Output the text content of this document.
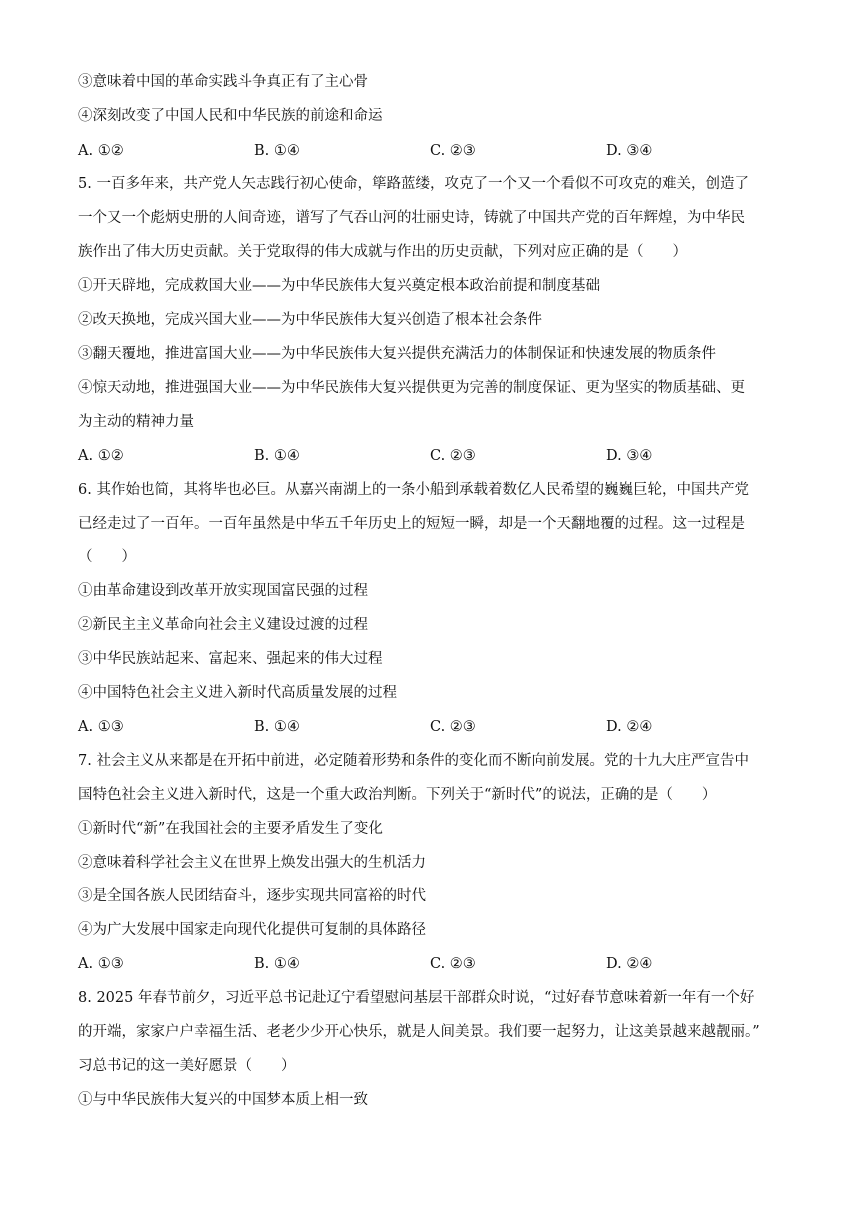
③意味着中国的革命实践斗争真正有了主心骨
④深刻改变了中国人民和中华民族的前途和命运
A. ①②	B. ①④	C. ②③	D. ③④
5. 一百多年来，共产党人矢志践行初心使命，筚路蓝缕，攻克了一个又一个看似不可攻克的难关，创造了
一个又一个彪炳史册的人间奇迹，谱写了气吞山河的壮丽史诗，铸就了中国共产党的百年辉煌，为中华民
族作出了伟大历史贡献。关于党取得的伟大成就与作出的历史贡献，下列对应正确的是（　　）
①开天辟地，完成救国大业——为中华民族伟大复兴奠定根本政治前提和制度基础
②改天换地，完成兴国大业——为中华民族伟大复兴创造了根本社会条件
③翻天覆地，推进富国大业——为中华民族伟大复兴提供充满活力的体制保证和快速发展的物质条件
④惊天动地，推进强国大业——为中华民族伟大复兴提供更为完善的制度保证、更为坚实的物质基础、更
为主动的精神力量
A. ①②	B. ①④	C. ②③	D. ③④
6. 其作始也简，其将毕也必巨。从嘉兴南湖上的一条小船到承载着数亿人民希望的巍巍巨轮，中国共产党
已经走过了一百年。一百年虽然是中华五千年历史上的短短一瞬，却是一个天翻地覆的过程。这一过程是
（　　）
①由革命建设到改革开放实现国富民强的过程
②新民主主义革命向社会主义建设过渡的过程
③中华民族站起来、富起来、强起来的伟大过程
④中国特色社会主义进入新时代高质量发展的过程
A. ①③	B. ①④	C. ②③	D. ②④
7. 社会主义从来都是在开拓中前进，必定随着形势和条件的变化而不断向前发展。党的十九大庄严宣告中
国特色社会主义进入新时代，这是一个重大政治判断。下列关于“新时代”的说法，正确的是（　　）
①新时代“新”在我国社会的主要矛盾发生了变化
②意味着科学社会主义在世界上焕发出强大的生机活力
③是全国各族人民团结奋斗，逐步实现共同富裕的时代
④为广大发展中国家走向现代化提供可复制的具体路径
A. ①③	B. ①④	C. ②③	D. ②④
8. 2025 年春节前夕，习近平总书记赴辽宁看望慰问基层干部群众时说，“过好春节意味着新一年有一个好
的开端，家家户户幸福生活、老老少少开心快乐，就是人间美景。我们要一起努力，让这美景越来越靓丽。”
习总书记的这一美好愿景（　　）
①与中华民族伟大复兴的中国梦本质上相一致
